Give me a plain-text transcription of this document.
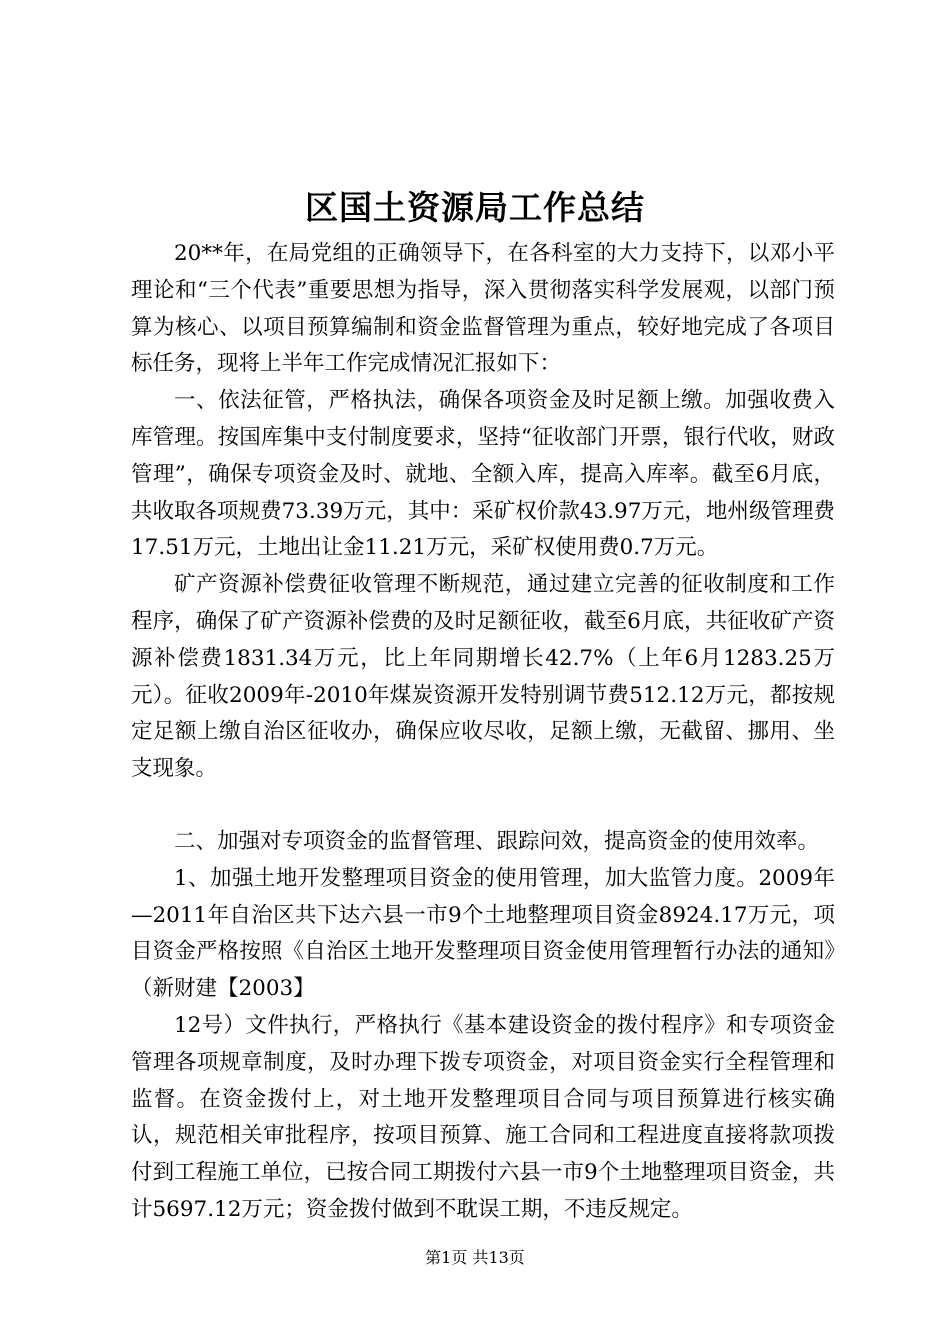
区国土资源局工作总结

20**年，在局党组的正确领导下，在各科室的大力支持下，以邓小平理论和“三个代表”重要思想为指导，深入贯彻落实科学发展观，以部门预算为核心、以项目预算编制和资金监督管理为重点，较好地完成了各项目标任务，现将上半年工作完成情况汇报如下：

一、依法征管，严格执法，确保各项资金及时足额上缴。加强收费入库管理。按国库集中支付制度要求，坚持“征收部门开票，银行代收，财政管理”，确保专项资金及时、就地、全额入库，提高入库率。截至6月底，共收取各项规费73.39万元，其中：采矿权价款43.97万元，地州级管理费17.51万元，土地出让金11.21万元，采矿权使用费0.7万元。

矿产资源补偿费征收管理不断规范，通过建立完善的征收制度和工作程序，确保了矿产资源补偿费的及时足额征收，截至6月底，共征收矿产资源补偿费1831.34万元，比上年同期增长42.7%（上年6月1283.25万元）。征收2009年-2010年煤炭资源开发特别调节费512.12万元，都按规定足额上缴自治区征收办，确保应收尽收，足额上缴，无截留、挪用、坐支现象。

二、加强对专项资金的监督管理、跟踪问效，提高资金的使用效率。

1、加强土地开发整理项目资金的使用管理，加大监管力度。2009年—2011年自治区共下达六县一市9个土地整理项目资金8924.17万元，项目资金严格按照《自治区土地开发整理项目资金使用管理暂行办法的通知》（新财建【2003】

12号）文件执行，严格执行《基本建设资金的拨付程序》和专项资金管理各项规章制度，及时办理下拨专项资金，对项目资金实行全程管理和监督。在资金拨付上，对土地开发整理项目合同与项目预算进行核实确认，规范相关审批程序，按项目预算、施工合同和工程进度直接将款项拨付到工程施工单位，已按合同工期拨付六县一市9个土地整理项目资金，共计5697.12万元；资金拨付做到不耽误工期，不违反规定。

第1页 共13页
